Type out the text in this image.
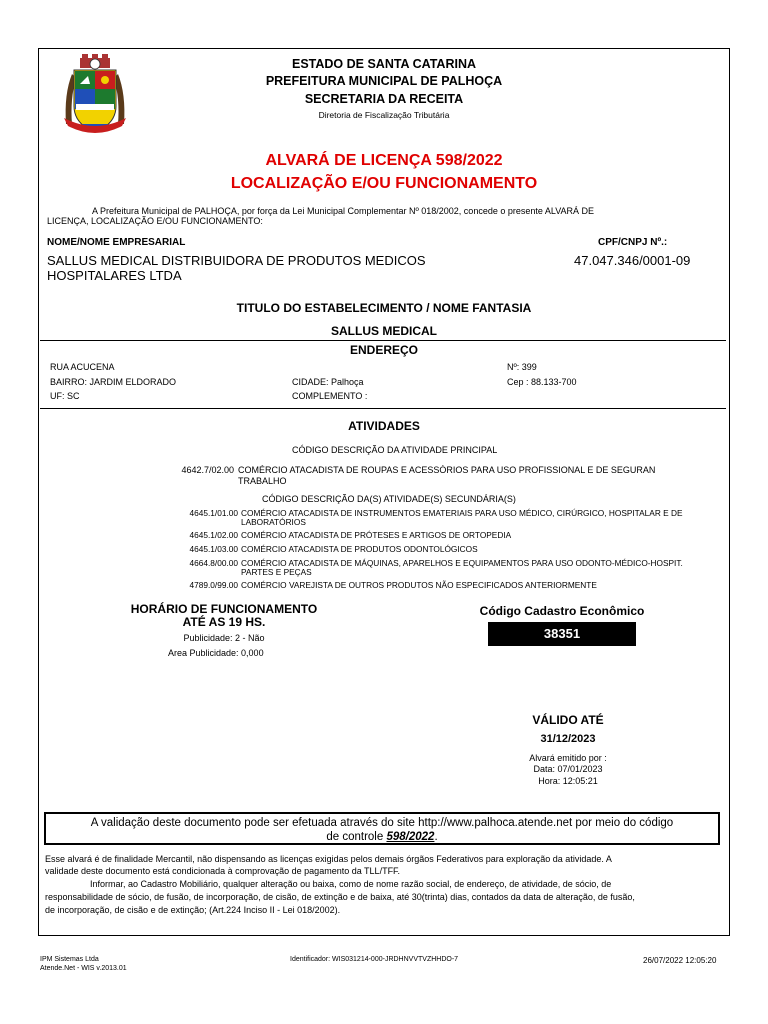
ESTADO DE SANTA CATARINA
PREFEITURA MUNICIPAL DE PALHOÇA
SECRETARIA DA RECEITA
Diretoria de Fiscalização Tributária
ALVARÁ DE LICENÇA 598/2022
LOCALIZAÇÃO E/OU FUNCIONAMENTO
A Prefeitura Municipal de PALHOÇA, por força da Lei Municipal Complementar Nº 018/2002, concede o presente ALVARÁ DE
LICENÇA, LOCALIZAÇÃO E/OU FUNCIONAMENTO:
NOME/NOME EMPRESARIAL
SALLUS MEDICAL DISTRIBUIDORA DE PRODUTOS MEDICOS
HOSPITALARES LTDA
CPF/CNPJ Nº.:
47.047.346/0001-09
TITULO DO ESTABELECIMENTO / NOME FANTASIA
SALLUS MEDICAL
ENDEREÇO
RUA ACUCENA	Nº: 399
BAIRRO: JARDIM ELDORADO	CIDADE: Palhoça	Cep : 88.133-700
UF: SC	COMPLEMENTO :
ATIVIDADES
CÓDIGO DESCRIÇÃO DA ATIVIDADE PRINCIPAL
4642.7/02.00 COMÉRCIO ATACADISTA DE ROUPAS E ACESSÓRIOS PARA USO PROFISSIONAL E DE SEGURAN
TRABALHO
CÓDIGO DESCRIÇÃO DA(S) ATIVIDADE(S) SECUNDÁRIA(S)
4645.1/01.00 COMÉRCIO ATACADISTA DE INSTRUMENTOS EMATERIAIS PARA USO MÉDICO, CIRÚRGICO, HOSPITALAR E DE
LABORATÓRIOS
4645.1/02.00 COMÉRCIO ATACADISTA DE PRÓTESES E ARTIGOS DE ORTOPEDIA
4645.1/03.00 COMÉRCIO ATACADISTA DE PRODUTOS ODONTOLÓGICOS
4664.8/00.00 COMÉRCIO ATACADISTA DE MÁQUINAS, APARELHOS E EQUIPAMENTOS PARA USO ODONTO-MÉDICO-HOSPIT.
PARTES E PEÇAS
4789.0/99.00 COMÉRCIO VAREJISTA DE OUTROS PRODUTOS NÃO ESPECIFICADOS ANTERIORMENTE
HORÁRIO DE FUNCIONAMENTO
ATÉ AS 19 HS.
Publicidade: 2 - Não
Area Publicidade: 0,000
Código Cadastro Econômico
38351
VÁLIDO ATÉ
31/12/2023
Alvará emitido por :
Data: 07/01/2023
Hora: 12:05:21
A validação deste documento pode ser efetuada através do site http://www.palhoca.atende.net por meio do código
de controle 598/2022.
Esse alvará é de finalidade Mercantil, não dispensando as licenças exigidas pelos demais órgãos Federativos para exploração da atividade. A
validade deste documento está condicionada à comprovação de pagamento da TLL/TFF.
Informar, ao Cadastro Mobiliário, qualquer alteração ou baixa, como de nome razão social, de endereço, de atividade, de sócio, de
responsabilidade de sócio, de fusão, de incorporação, de cisão, de extinção e de baixa, até 30(trinta) dias, contados da data de alteração, de fusão,
de incorporação, de cisão e de extinção; (Art.224 Inciso II - Lei 018/2002).
IPM Sistemas Ltda
Atende.Net - WIS v.2013.01
Identificador: WIS031214-000-JRDHNVVTVZHHDO-7	26/07/2022 12:05:20
